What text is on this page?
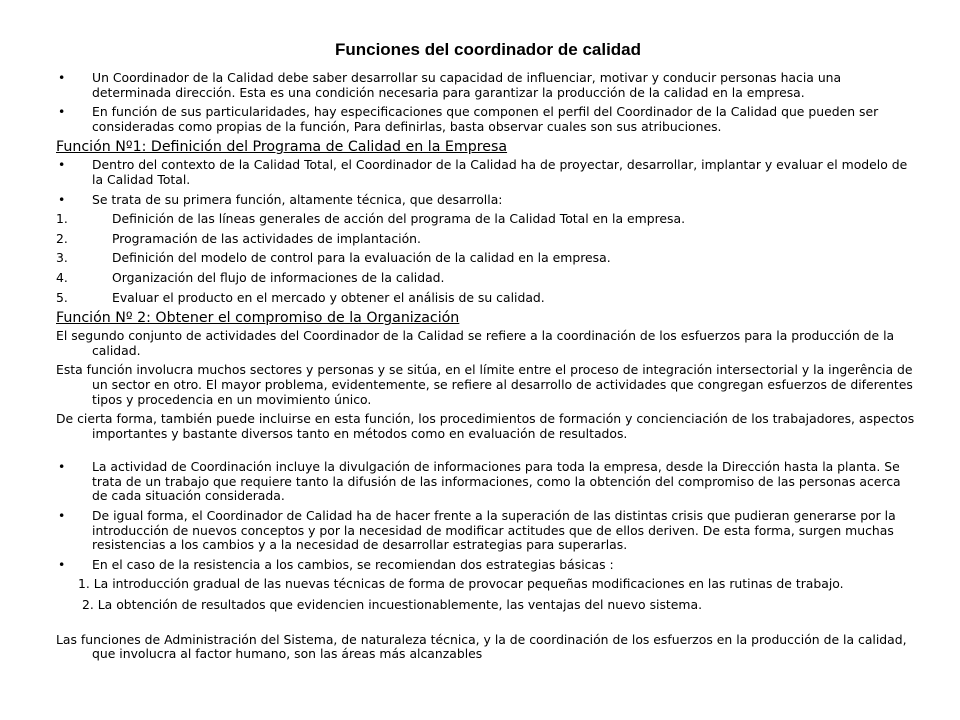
Funciones del coordinador de calidad
• Un Coordinador de la Calidad debe saber desarrollar su capacidad de influenciar, motivar y conducir personas hacia una determinada dirección. Esta es una condición necesaria para garantizar la producción de la calidad en la empresa.
• En función de sus particularidades, hay especificaciones que componen el perfil del Coordinador de la Calidad que pueden ser consideradas como propias de la función, Para definirlas, basta observar cuales son sus atribuciones.
Función Nº1: Definición del Programa de Calidad en la Empresa
• Dentro del contexto de la Calidad Total, el Coordinador de la Calidad ha de proyectar, desarrollar, implantar y evaluar el modelo de la Calidad Total.
• Se trata de su primera función, altamente técnica, que desarrolla:
1.	Definición de las líneas generales de acción del programa de la Calidad Total en la empresa.
2.	Programación de las actividades de implantación.
3.	Definición del modelo de control para la evaluación de la calidad en la empresa.
4.	Organización del flujo de informaciones de la calidad.
5.	Evaluar el producto en el mercado y obtener el análisis de su calidad.
Función Nº 2: Obtener el compromiso de la Organización
El segundo conjunto de actividades del Coordinador de la Calidad se refiere a la coordinación de los esfuerzos para la producción de la calidad.
Esta función involucra muchos sectores y personas y se sitúa, en el límite entre el proceso de integración intersectorial y la ingerência de un sector en otro. El mayor problema, evidentemente, se refiere al desarrollo de actividades que congregan esfuerzos de diferentes tipos y procedencia en un movimiento único.
De cierta forma, también puede incluirse en esta función, los procedimientos de formación y concienciación de los trabajadores, aspectos importantes y bastante diversos tanto en métodos como en evaluación de resultados.
• La actividad de Coordinación incluye la divulgación de informaciones para toda la empresa, desde la Dirección hasta la planta. Se trata de un trabajo que requiere tanto la difusión de las informaciones, como la obtención del compromiso de las personas acerca de cada situación considerada.
• De igual forma, el Coordinador de Calidad ha de hacer frente a la superación de las distintas crisis que pudieran generarse por la introducción de nuevos conceptos y por la necesidad de modificar actitudes que de ellos deriven. De esta forma, surgen muchas resistencias a los cambios y a la necesidad de desarrollar estrategias para superarlas.
• En el caso de la resistencia a los cambios, se recomiendan dos estrategias básicas :
1. La introducción gradual de las nuevas técnicas de forma de provocar pequeñas modificaciones en las rutinas de trabajo.
2. La obtención de resultados que evidencien incuestionablemente, las ventajas del nuevo sistema.
Las funciones de Administración del Sistema, de naturaleza técnica, y la de coordinación de los esfuerzos en la producción de la calidad, que involucra al factor humano, son las áreas más alcanzables
